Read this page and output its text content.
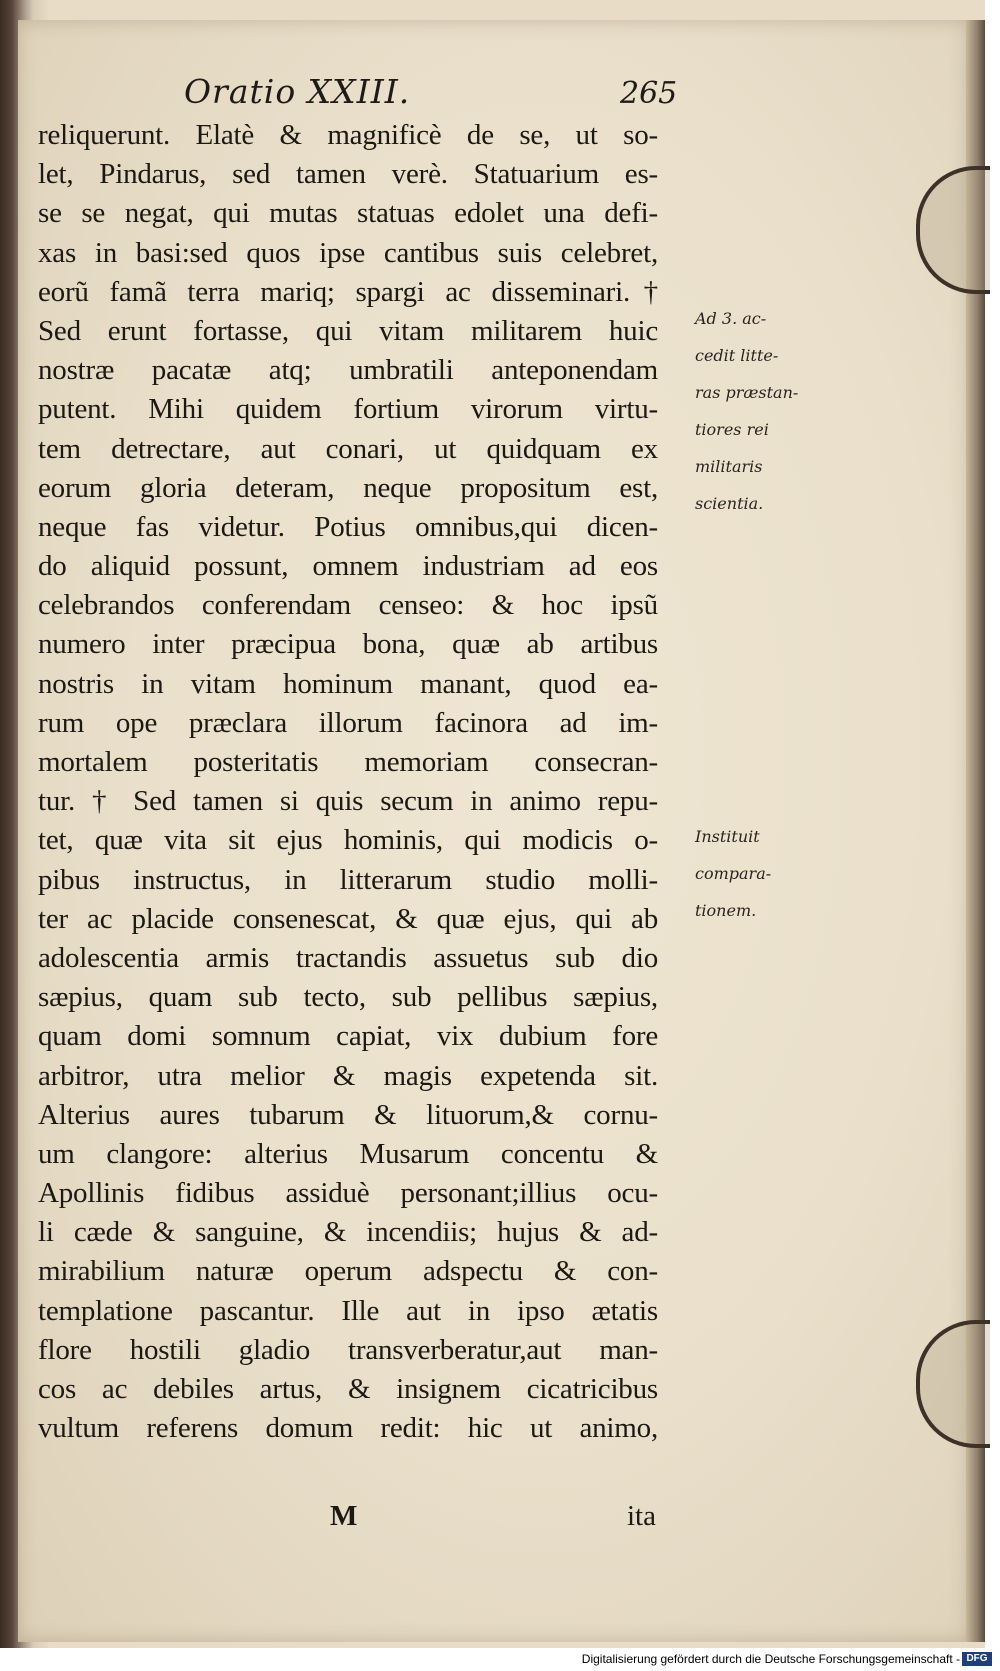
Oratio XXIII.	265
reliquerunt. Elatè & magnificè de se, ut so-
let, Pindarus, sed tamen verè. Statuarium es-
se se negat, qui mutas statuas edolet una defi-
xas in basi:sed quos ipse cantibus suis celebret,
eorũ famã terra mariq; spargi ac disseminari.†
Sed erunt fortasse, qui vitam militarem huic
nostræ pacatæ atq; umbratili anteponendam
putent. Mihi quidem fortium virorum virtu-
tem detrectare, aut conari, ut quidquam ex
eorum gloria deteram, neque propositum est,
neque fas videtur. Potius omnibus,qui dicen-
do aliquid possunt, omnem industriam ad eos
celebrandos conferendam censeo: & hoc ipsũ
numero inter præcipua bona, quæ ab artibus
nostris in vitam hominum manant, quod ea-
rum ope præclara illorum facinora ad im-
mortalem posteritatis memoriam consecran-
tur. † Sed tamen si quis secum in animo repu-
tet, quæ vita sit ejus hominis, qui modicis o-
pibus instructus, in litterarum studio molli-
ter ac placide consenescat, & quæ ejus, qui ab
adolescentia armis tractandis assuetus sub dio
sæpius, quam sub tecto, sub pellibus sæpius,
quam domi somnum capiat, vix dubium fore
arbitror, utra melior & magis expetenda sit.
Alterius aures tubarum & lituorum,& cornu-
um clangore: alterius Musarum concentu &
Apollinis fidibus assiduè personant;illius ocu-
li cæde & sanguine, & incendiis; hujus & ad-
mirabilium naturæ operum adspectu & con-
templatione pascantur. Ille aut in ipso ætatis
flore hostili gladio transverberatur,aut man-
cos ac debiles artus, & insignem cicatricibus
vultum referens domum redit: hic ut animo,
Ad 3. ac-
cedit litte-
ras præstan-
tiores rei
militaris
scientia.
Instituit
compara-
tionem.
M	ita
Digitalisierung gefördert durch die Deutsche Forschungsgemeinschaft - DFG
